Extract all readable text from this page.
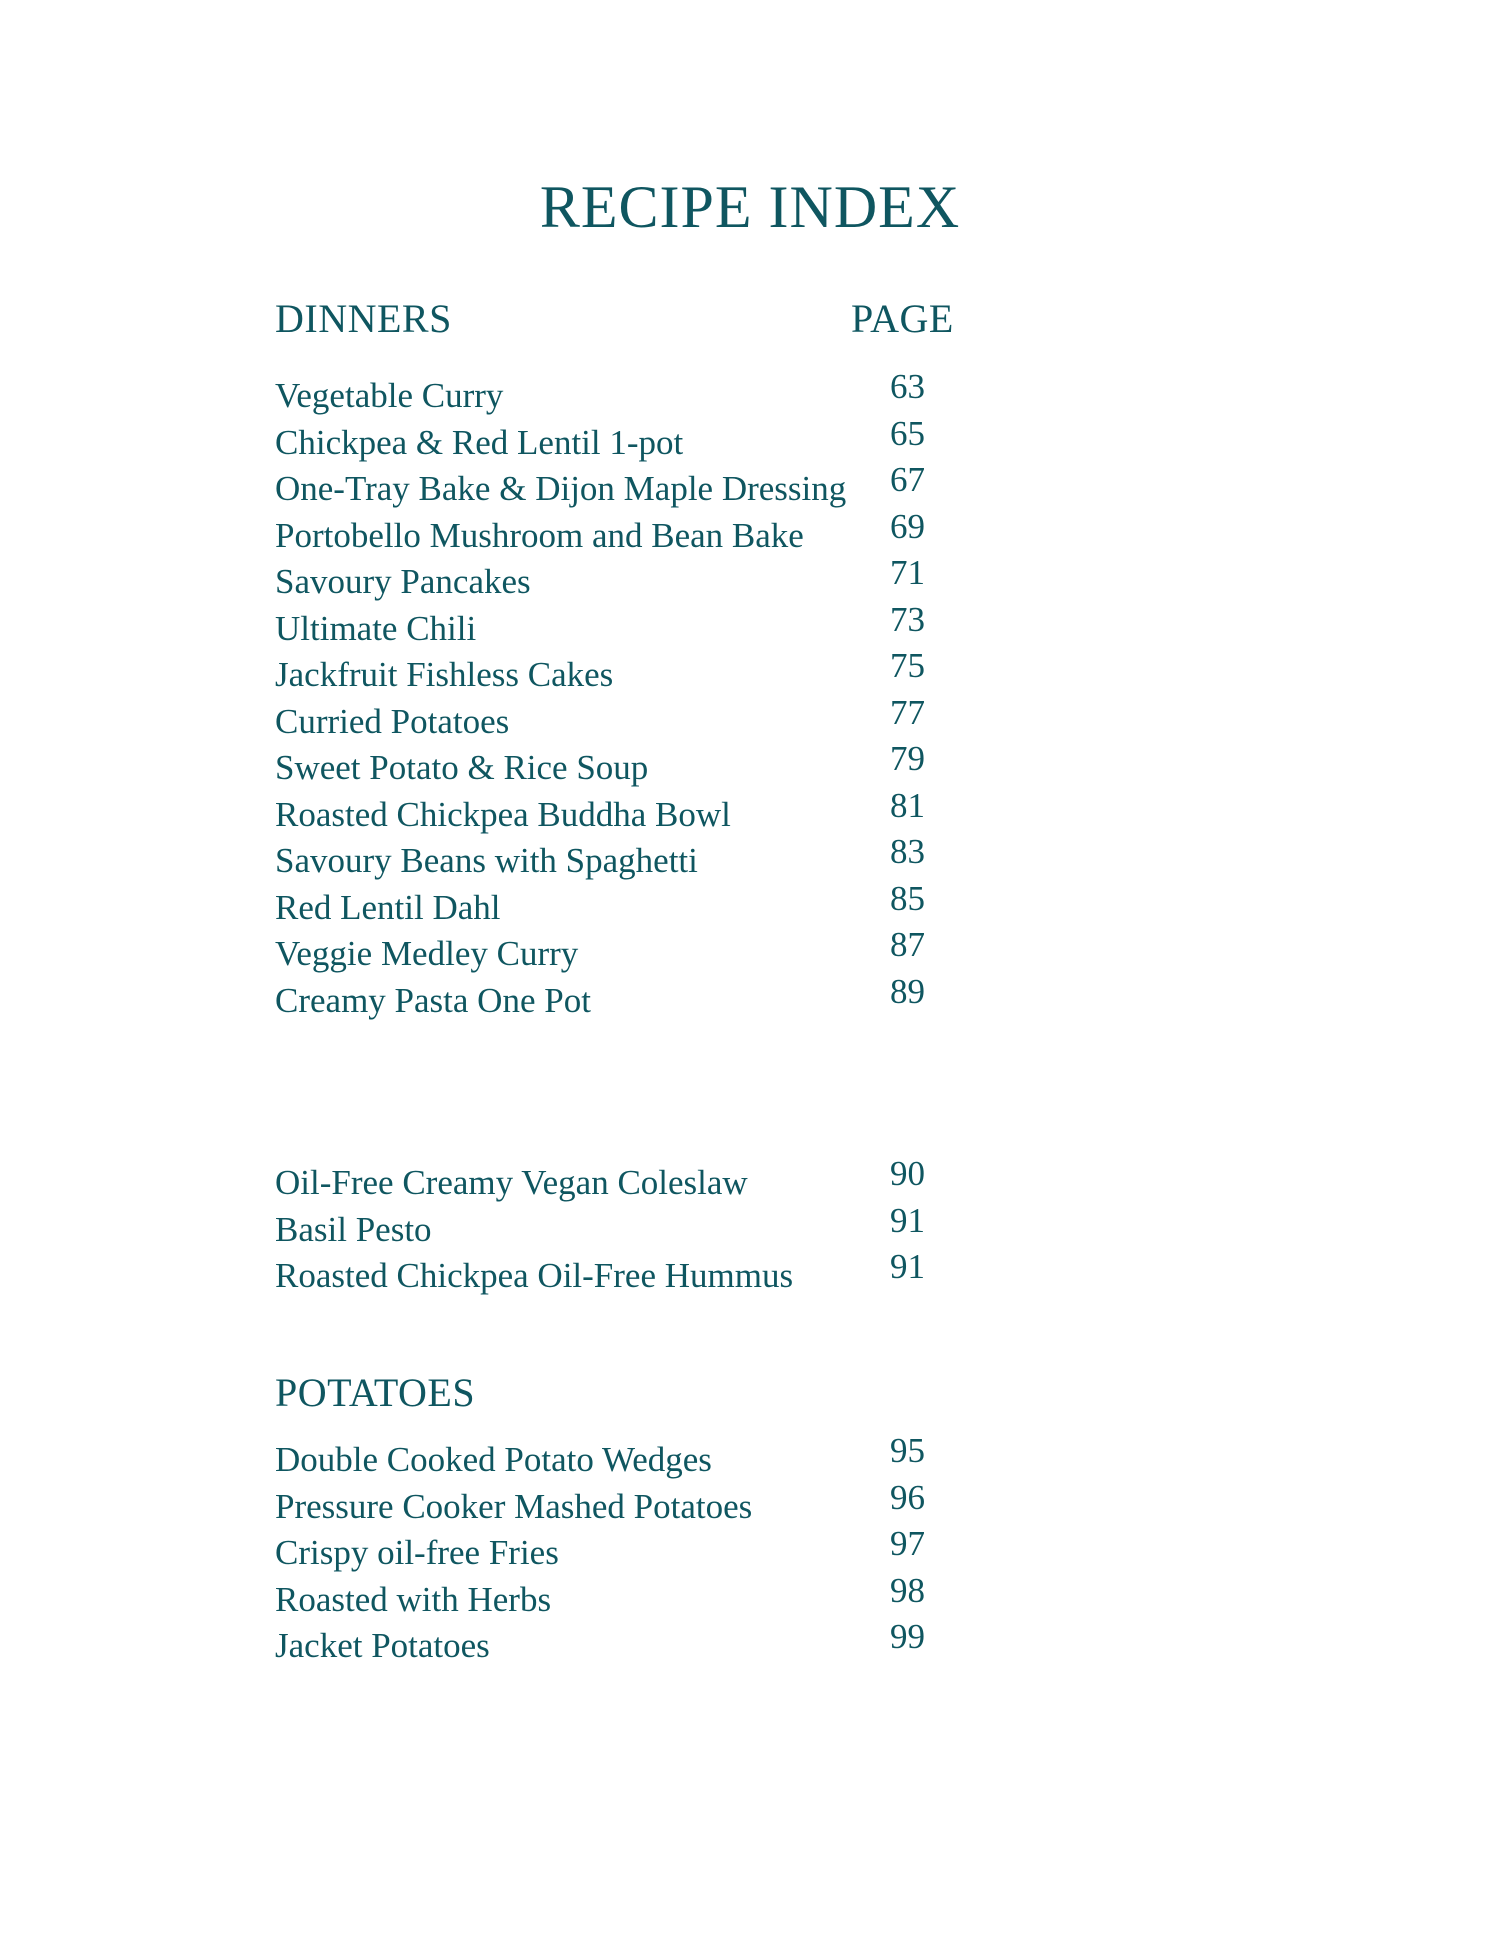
RECIPE INDEX
DINNERS	PAGE
Vegetable Curry	63
Chickpea & Red Lentil 1-pot	65
One-Tray Bake & Dijon Maple Dressing	67
Portobello Mushroom and Bean Bake	69
Savoury Pancakes	71
Ultimate Chili	73
Jackfruit Fishless Cakes	75
Curried Potatoes	77
Sweet Potato & Rice Soup	79
Roasted Chickpea Buddha Bowl	81
Savoury Beans with Spaghetti	83
Red Lentil Dahl	85
Veggie Medley Curry	87
Creamy Pasta One Pot	89
Oil-Free Creamy Vegan Coleslaw	90
Basil Pesto	91
Roasted Chickpea Oil-Free Hummus	91
POTATOES
Double Cooked Potato Wedges	95
Pressure Cooker Mashed Potatoes	96
Crispy oil-free Fries	97
Roasted with Herbs	98
Jacket Potatoes	99
